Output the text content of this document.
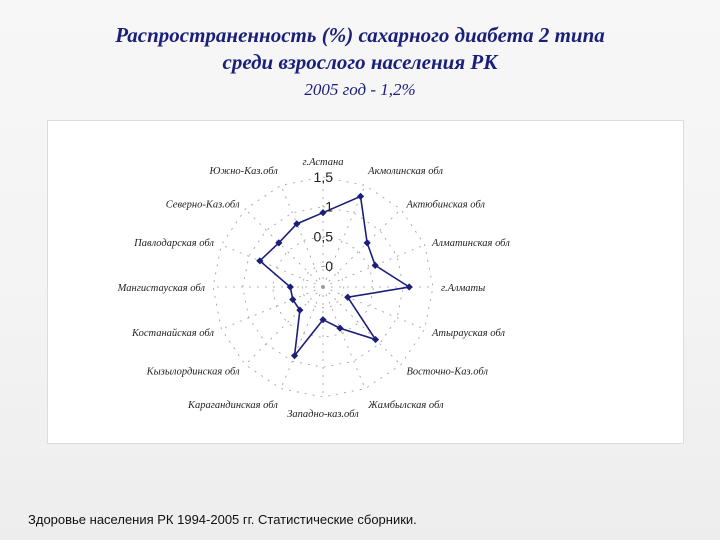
Распространенность (%) сахарного диабета 2 типа
среди взрослого населения РК
2005 год - 1,2%
г.Астана
Акмолинская обл
Актюбинская обл
Алматинская обл
г.Алматы
Атырауская обл
Восточно-Каз.обл
Жамбылская обл
Западно-каз.обл
Карагандинская обл
Кызылординская обл
Костанайская обл
Мангистауская обл
Павлодарская обл
Северно-Каз.обл
Южно-Каз.обл
0
0,5
1
1,5
Здоровье населения РК 1994-2005 гг. Статистические сборники.
